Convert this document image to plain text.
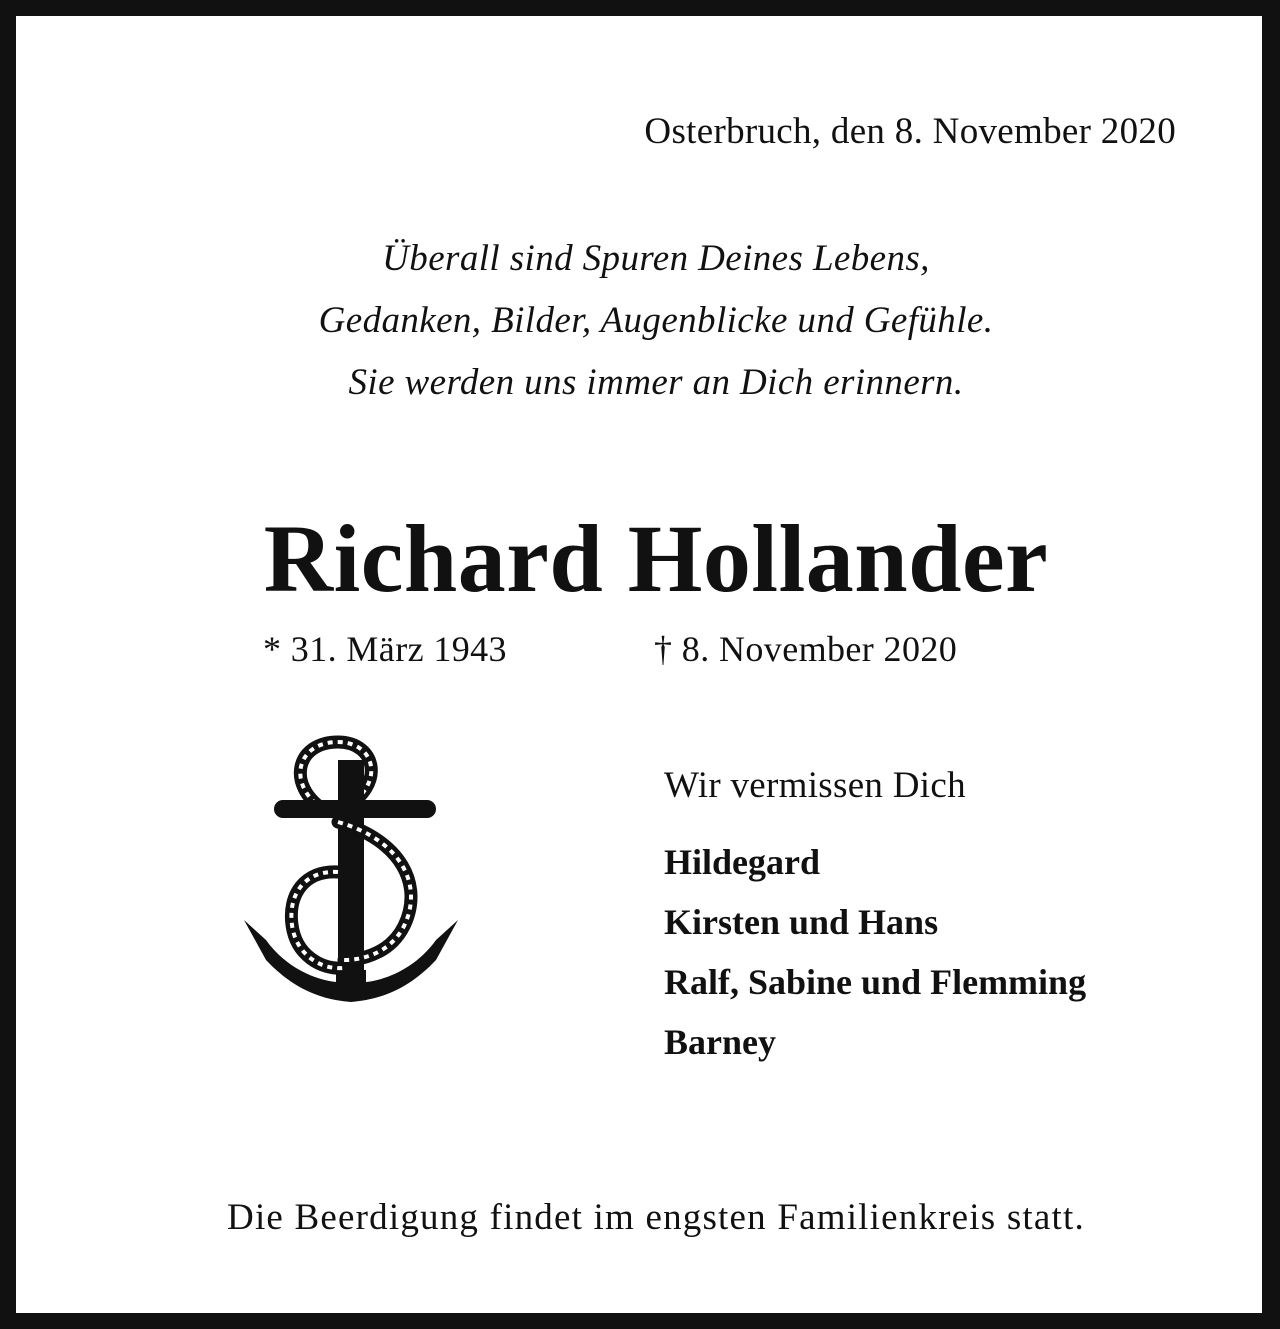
Osterbruch, den 8. November 2020
Überall sind Spuren Deines Lebens,
Gedanken, Bilder, Augenblicke und Gefühle.
Sie werden uns immer an Dich erinnern.
Richard Hollander
* 31. März 1943	† 8. November 2020
Wir vermissen Dich
Hildegard
Kirsten und Hans
Ralf, Sabine und Flemming
Barney
Die Beerdigung findet im engsten Familienkreis statt.
